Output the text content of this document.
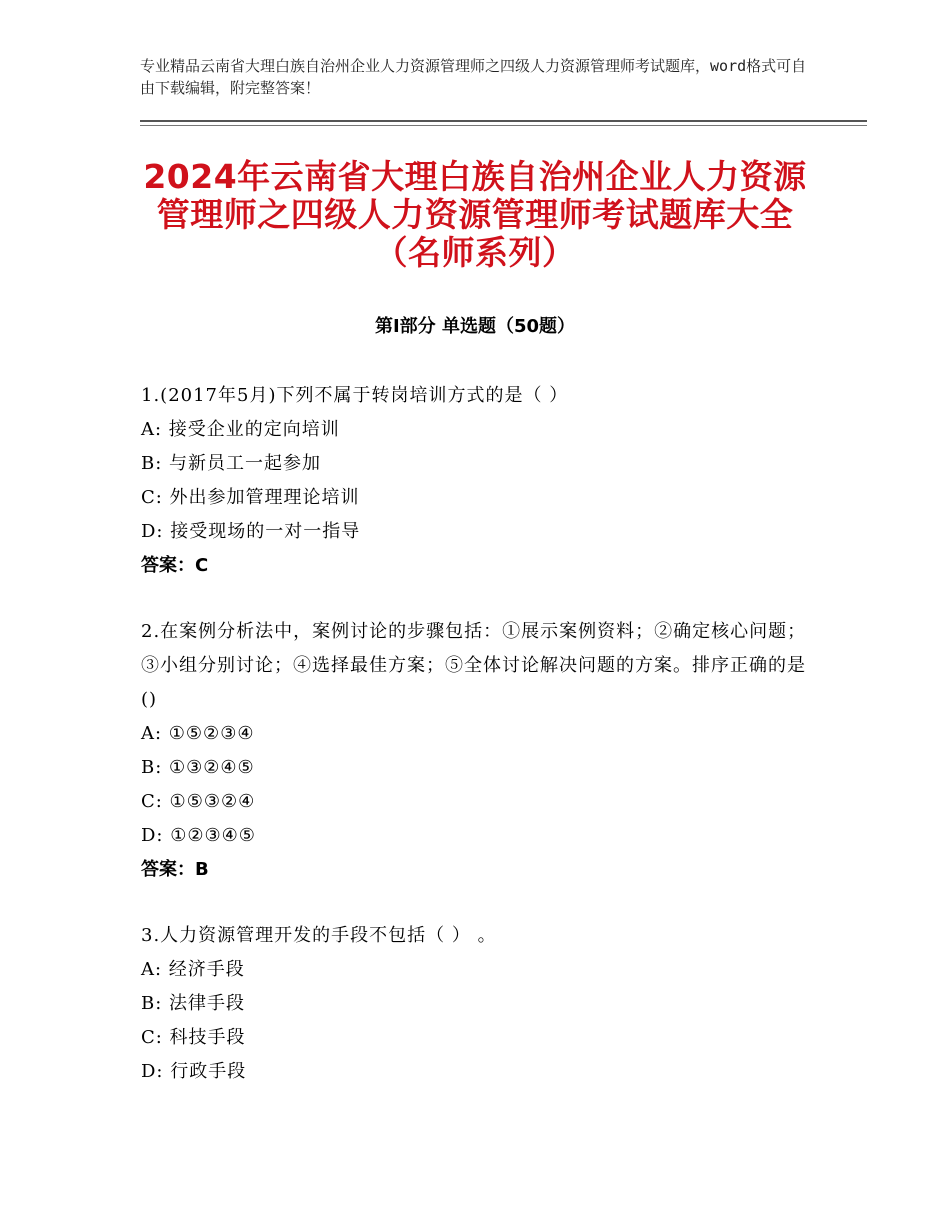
专业精品云南省大理白族自治州企业人力资源管理师之四级人力资源管理师考试题库，word格式可自由下载编辑，附完整答案！
2024年云南省大理白族自治州企业人力资源
管理师之四级人力资源管理师考试题库大全
（名师系列）
第Ⅰ部分 单选题（50题）
1.(2017年5月)下列不属于转岗培训方式的是（ ）
A: 接受企业的定向培训
B: 与新员工一起参加
C: 外出参加管理理论培训
D: 接受现场的一对一指导
答案：C
2.在案例分析法中，案例讨论的步骤包括：①展示案例资料；②确定核心问题；③小组分别讨论；④选择最佳方案；⑤全体讨论解决问题的方案。排序正确的是()
A: ①⑤②③④
B: ①③②④⑤
C: ①⑤③②④
D: ①②③④⑤
答案：B
3.人力资源管理开发的手段不包括（ ） 。
A: 经济手段
B: 法律手段
C: 科技手段
D: 行政手段
